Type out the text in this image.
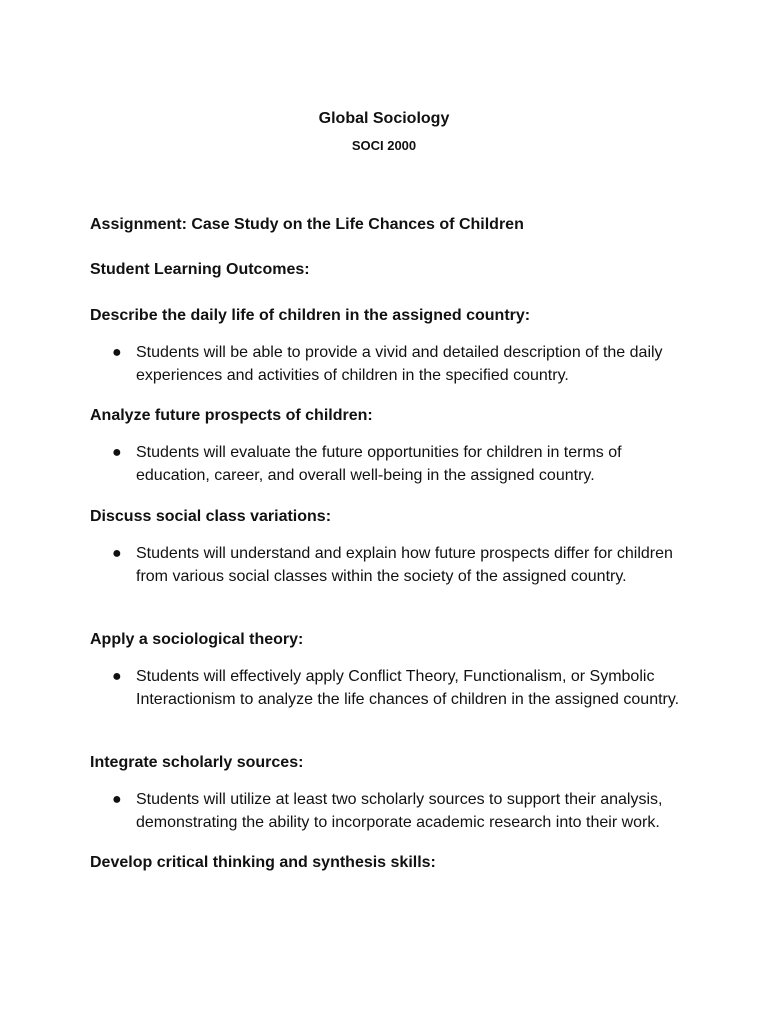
Global Sociology
SOCI 2000
Assignment: Case Study on the Life Chances of Children
Student Learning Outcomes:
Describe the daily life of children in the assigned country:
● Students will be able to provide a vivid and detailed description of the daily experiences and activities of children in the specified country.
Analyze future prospects of children:
● Students will evaluate the future opportunities for children in terms of education, career, and overall well-being in the assigned country.
Discuss social class variations:
● Students will understand and explain how future prospects differ for children from various social classes within the society of the assigned country.
Apply a sociological theory:
● Students will effectively apply Conflict Theory, Functionalism, or Symbolic Interactionism to analyze the life chances of children in the assigned country.
Integrate scholarly sources:
● Students will utilize at least two scholarly sources to support their analysis, demonstrating the ability to incorporate academic research into their work.
Develop critical thinking and synthesis skills:
